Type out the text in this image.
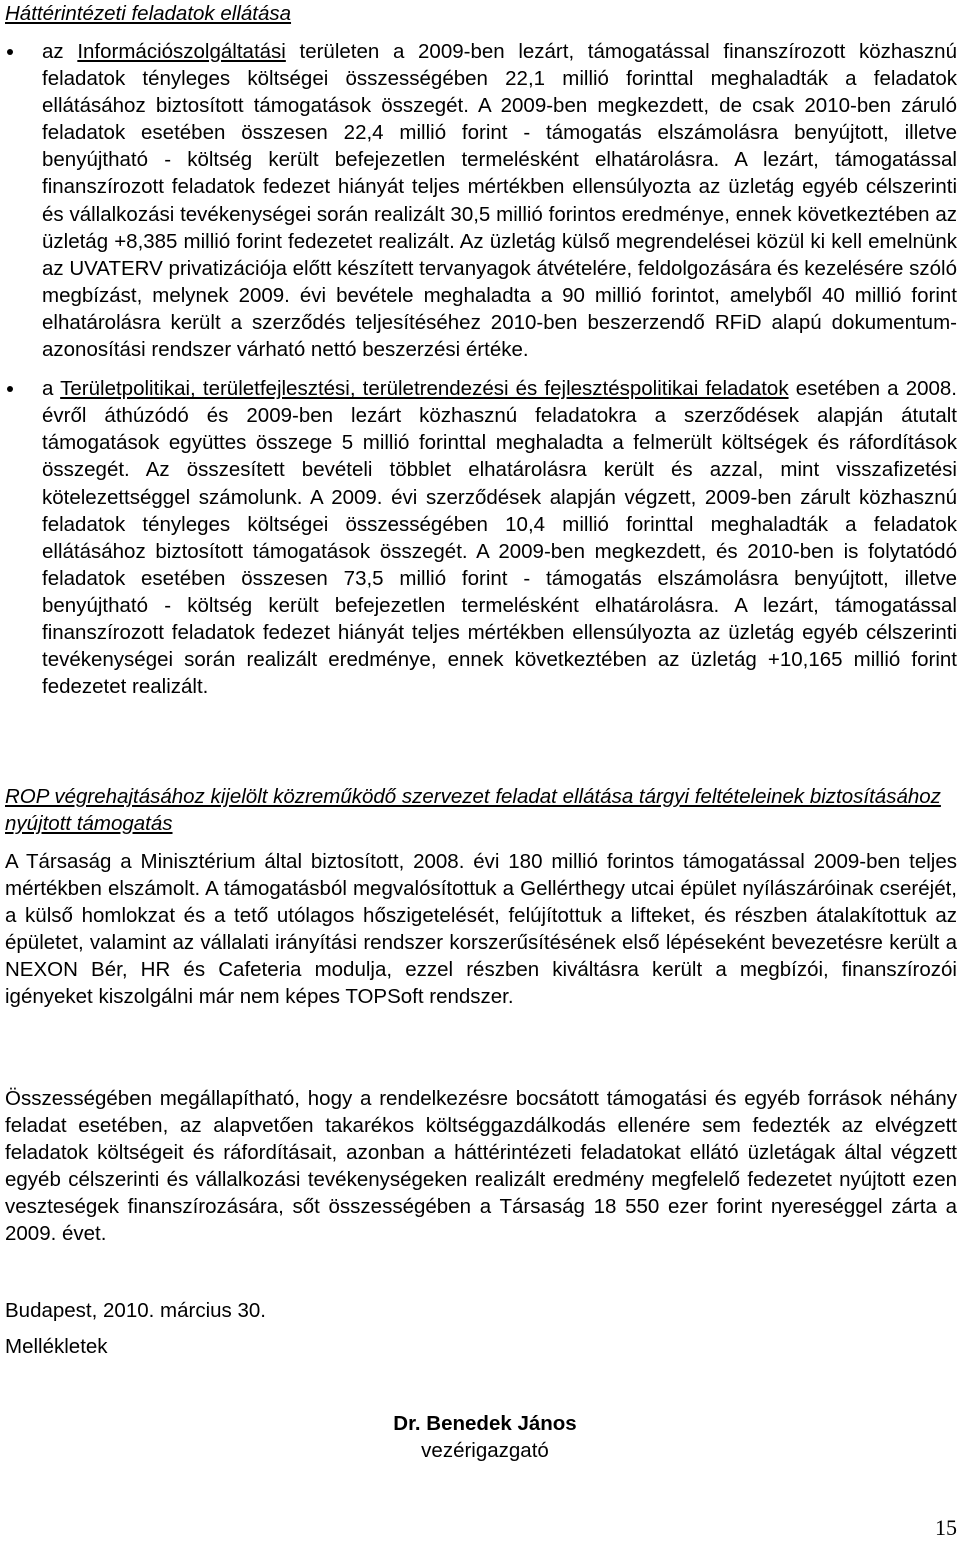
Háttérintézeti feladatok ellátása
az Információszolgáltatási területen a 2009-ben lezárt, támogatással finanszírozott közhasznú feladatok tényleges költségei összességében 22,1 millió forinttal meghaladták a feladatok ellátásához biztosított támogatások összegét. A 2009-ben megkezdett, de csak 2010-ben záruló feladatok esetében összesen 22,4 millió forint - támogatás elszámolásra benyújtott, illetve benyújtható - költség került befejezetlen termelésként elhatárolásra. A lezárt, támogatással finanszírozott feladatok fedezet hiányát teljes mértékben ellensúlyozta az üzletág egyéb célszerinti és vállalkozási tevékenységei során realizált 30,5 millió forintos eredménye, ennek következtében az üzletág +8,385 millió forint fedezetet realizált. Az üzletág külső megrendelései közül ki kell emelnünk az UVATERV privatizációja előtt készített tervanyagok átvételére, feldolgozására és kezelésére szóló megbízást, melynek 2009. évi bevétele meghaladta a 90 millió forintot, amelyből 40 millió forint elhatárolásra került a szerződés teljesítéséhez 2010-ben beszerzendő RFiD alapú dokumentum-azonosítási rendszer várható nettó beszerzési értéke.
a Területpolitikai, területfejlesztési, területrendezési és fejlesztéspolitikai feladatok esetében a 2008. évről áthúzódó és 2009-ben lezárt közhasznú feladatokra a szerződések alapján átutalt támogatások együttes összege 5 millió forinttal meghaladta a felmerült költségek és ráfordítások összegét. Az összesített bevételi többlet elhatárolásra került és azzal, mint visszafizetési kötelezettséggel számolunk. A 2009. évi szerződések alapján végzett, 2009-ben zárult közhasznú feladatok tényleges költségei összességében 10,4 millió forinttal meghaladták a feladatok ellátásához biztosított támogatások összegét. A 2009-ben megkezdett, és 2010-ben is folytatódó feladatok esetében összesen 73,5 millió forint - támogatás elszámolásra benyújtott, illetve benyújtható - költség került befejezetlen termelésként elhatárolásra. A lezárt, támogatással finanszírozott feladatok fedezet hiányát teljes mértékben ellensúlyozta az üzletág egyéb célszerinti tevékenységei során realizált eredménye, ennek következtében az üzletág +10,165 millió forint fedezetet realizált.
ROP végrehajtásához kijelölt közreműködő szervezet feladat ellátása tárgyi feltételeinek biztosításához nyújtott támogatás

A Társaság a Minisztérium által biztosított, 2008. évi 180 millió forintos támogatással 2009-ben teljes mértékben elszámolt. A támogatásból megvalósítottuk a Gellérthegy utcai épület nyílászáróinak cseréjét, a külső homlokzat és a tető utólagos hőszigetelését, felújítottuk a lifteket, és részben átalakítottuk az épületet, valamint az vállalati irányítási rendszer korszerűsítésének első lépéseként bevezetésre került a NEXON Bér, HR és Cafeteria modulja, ezzel részben kiváltásra került a megbízói, finanszírozói igényeket kiszolgálni már nem képes TOPSoft rendszer.

Összességében megállapítható, hogy a rendelkezésre bocsátott támogatási és egyéb források néhány feladat esetében, az alapvetően takarékos költséggazdálkodás ellenére sem fedezték az elvégzett feladatok költségeit és ráfordításait, azonban a háttérintézeti feladatokat ellátó üzletágak által végzett egyéb célszerinti és vállalkozási tevékenységeken realizált eredmény megfelelő fedezetet nyújtott ezen veszteségek finanszírozására, sőt összességében a Társaság 18 550 ezer forint nyereséggel zárta a 2009. évet.

Budapest, 2010. március 30.
Mellékletek
Dr. Benedek János
vezérigazgató
15
